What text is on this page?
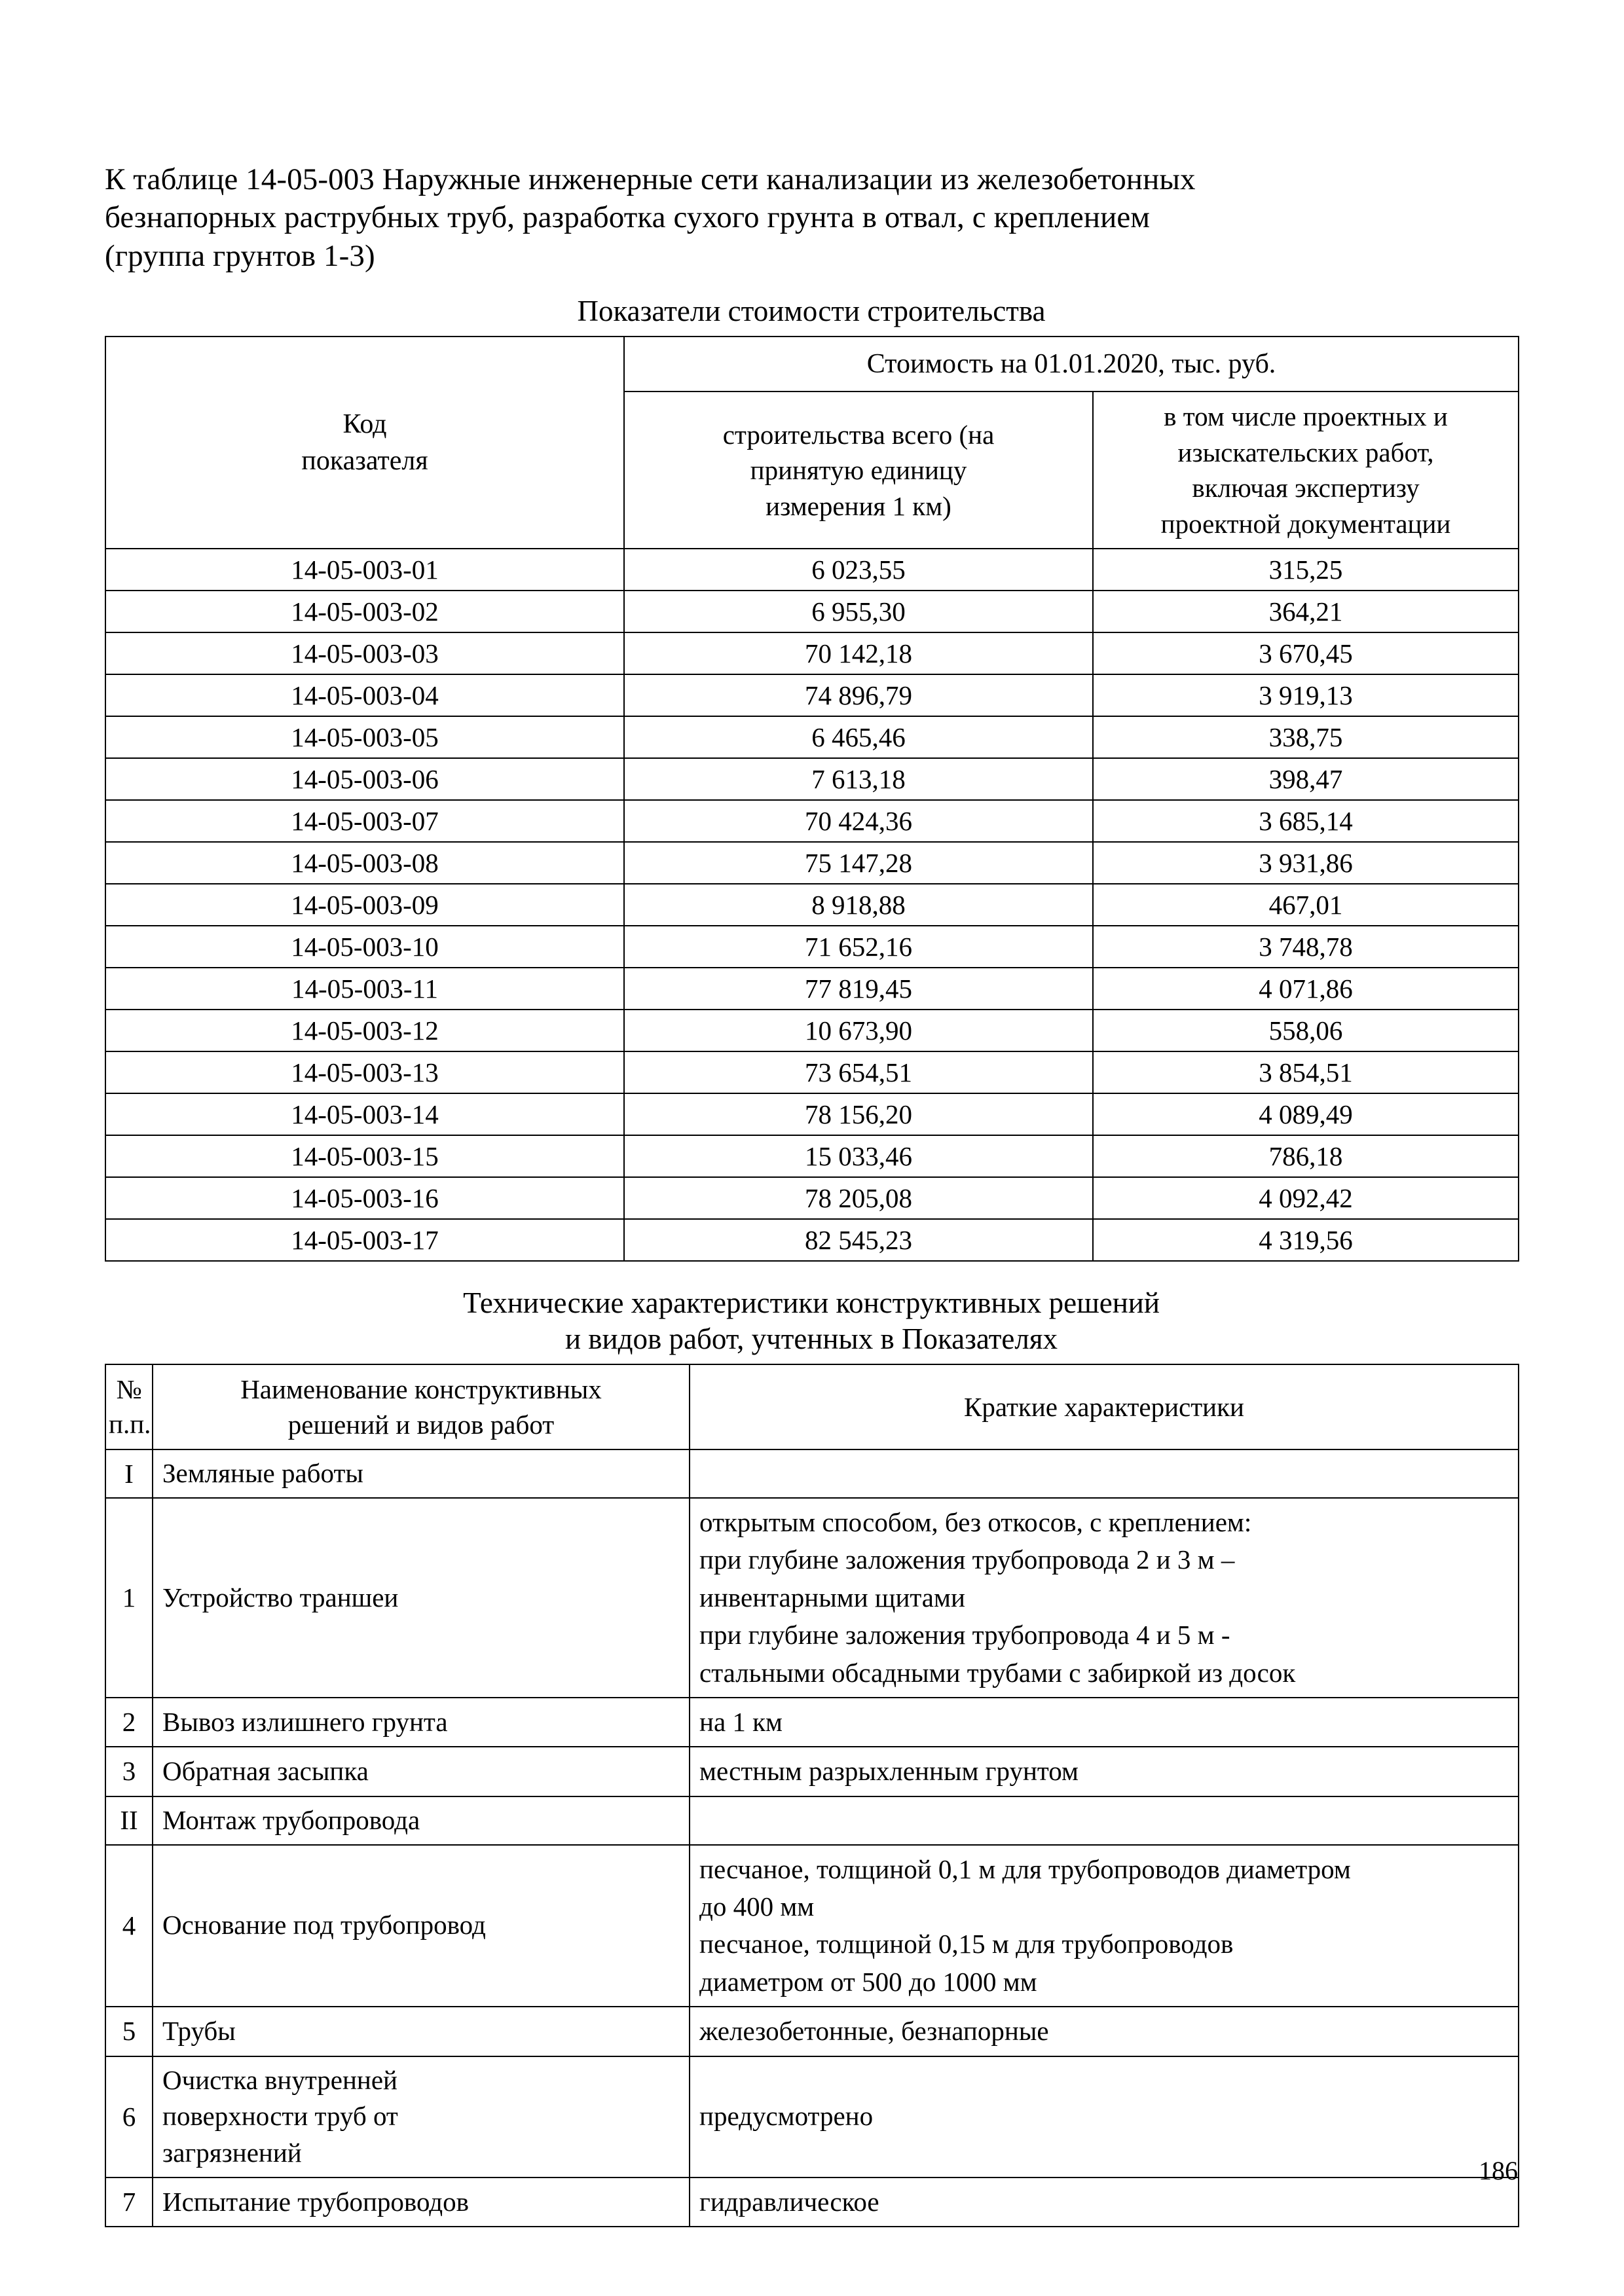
К таблице 14-05-003 Наружные инженерные сети канализации из железобетонных
безнапорных раструбных труб, разработка сухого грунта в отвал, с креплением
(группа грунтов 1-3)
Показатели стоимости строительства
Код
показателя	Стоимость на 01.01.2020, тыс. руб.	

	строительства всего (на
принятую единицу
измерения 1 км)	в том числе проектных и
изыскательских работ,
включая экспертизу
проектной документации

14-05-003-01	6 023,55	315,25
14-05-003-02	6 955,30	364,21
14-05-003-03	70 142,18	3 670,45
14-05-003-04	74 896,79	3 919,13
14-05-003-05	6 465,46	338,75
14-05-003-06	7 613,18	398,47
14-05-003-07	70 424,36	3 685,14
14-05-003-08	75 147,28	3 931,86
14-05-003-09	8 918,88	467,01
14-05-003-10	71 652,16	3 748,78
14-05-003-11	77 819,45	4 071,86
14-05-003-12	10 673,90	558,06
14-05-003-13	73 654,51	3 854,51
14-05-003-14	78 156,20	4 089,49
14-05-003-15	15 033,46	786,18
14-05-003-16	78 205,08	4 092,42
14-05-003-17	82 545,23	4 319,56
Технические характеристики конструктивных решений
и видов работ, учтенных в Показателях
№
п.п.	Наименование конструктивных
решений и видов работ	Краткие характеристики
I	Земляные работы	

1	Устройство траншеи	открытым способом, без откосов, с креплением:
при глубине заложения трубопровода 2 и 3 м –
инвентарными щитами
при глубине заложения трубопровода 4 и 5 м -
стальными обсадными трубами с забиркой из досок

2	Вывоз излишнего грунта	на 1 км

3	Обратная засыпка	местным разрыхленным грунтом

II	Монтаж трубопровода	

4	Основание под трубопровод	песчаное, толщиной 0,1 м для трубопроводов диаметром
до 400 мм
песчаное, толщиной 0,15 м для трубопроводов
диаметром от 500 до 1000 мм

5	Трубы	железобетонные, безнапорные

6	Очистка внутренней
поверхности труб от
загрязнений	предусмотрено

7	Испытание трубопроводов	гидравлическое
186
